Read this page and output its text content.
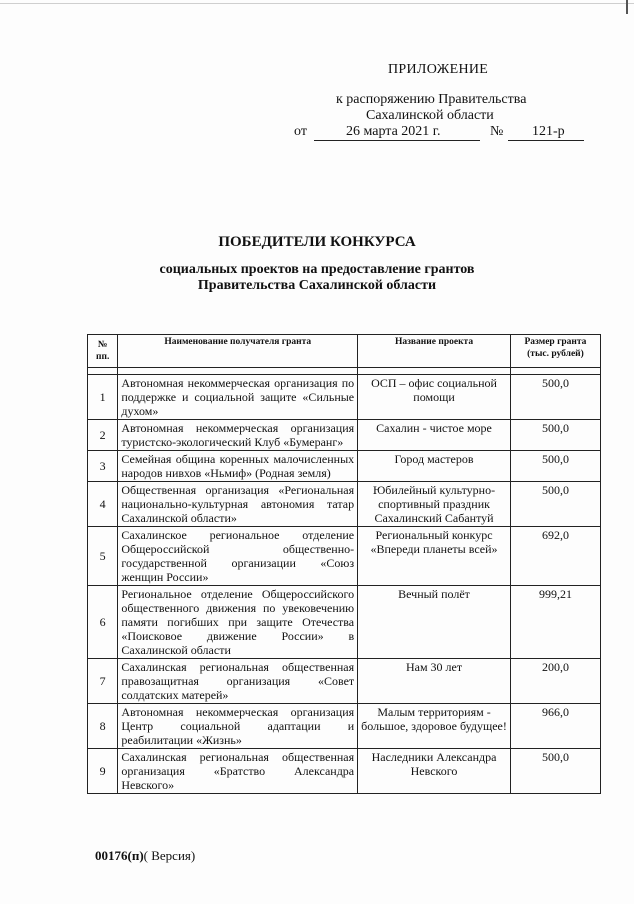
ПРИЛОЖЕНИЕ
к распоряжению Правительства
Сахалинской области
от	26 марта 2021 г.	№ 121-р
ПОБЕДИТЕЛИ КОНКУРСА
социальных проектов на предоставление грантов
Правительства Сахалинской области
№ пп.	Наименование получателя гранта	Название проекта	Размер гранта (тыс. рублей)

1	Автономная некоммерческая организация по поддержке и социальной защите «Сильные духом»	ОСП – офис социальной помощи	500,0
2	Автономная некоммерческая организация туристско-экологический Клуб «Бумеранг»	Сахалин - чистое море	500,0
3	Семейная община коренных малочисленных народов нивхов «Ньмиф» (Родная земля)	Город мастеров	500,0
4	Общественная организация «Региональная национально-культурная автономия татар Сахалинской области»	Юбилейный культурно-спортивный праздник Сахалинский Сабантуй	500,0
5	Сахалинское региональное отделение Общероссийской общественно-государственной организации «Союз женщин России»	Региональный конкурс «Впереди планеты всей»	692,0
6	Региональное отделение Общероссийского общественного движения по увековечению памяти погибших при защите Отечества «Поисковое движение России» в Сахалинской области	Вечный полёт	999,21
7	Сахалинская региональная общественная правозащитная организация «Совет солдатских матерей»	Нам 30 лет	200,0
8	Автономная некоммерческая организация Центр социальной адаптации и реабилитации «Жизнь»	Малым территориям - большое, здоровое будущее!	966,0
9	Сахалинская региональная общественная организация «Братство Александра Невского»	Наследники Александра Невского	500,0
00176(п)( Версия)
